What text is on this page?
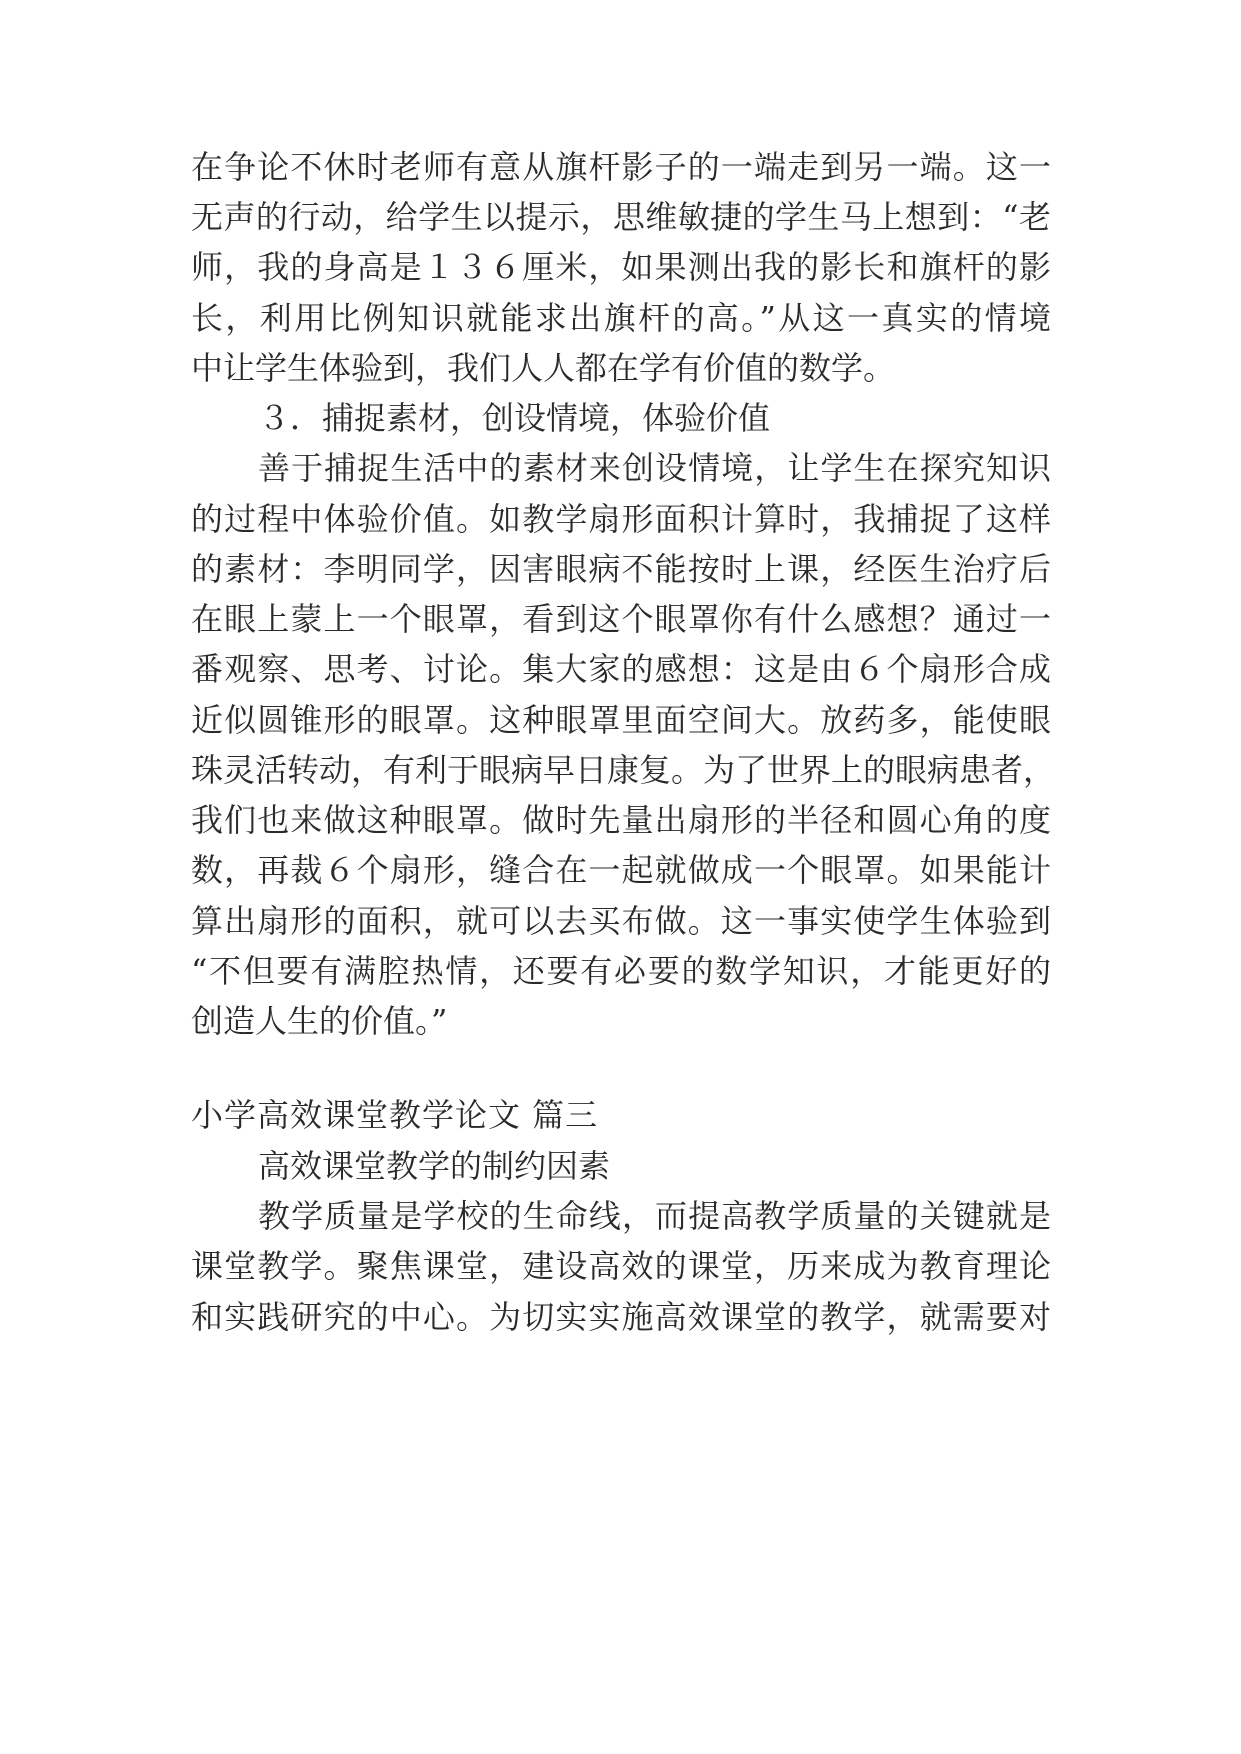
在争论不休时老师有意从旗杆影子的一端走到另一端。这一
无声的行动，给学生以提示，思维敏捷的学生马上想到：“老
师，我的身高是１３６厘米，如果测出我的影长和旗杆的影
长，利用比例知识就能求出旗杆的高。”从这一真实的情境
中让学生体验到，我们人人都在学有价值的数学。
３．捕捉素材，创设情境，体验价值
善于捕捉生活中的素材来创设情境，让学生在探究知识
的过程中体验价值。如教学扇形面积计算时，我捕捉了这样
的素材：李明同学，因害眼病不能按时上课，经医生治疗后
在眼上蒙上一个眼罩，看到这个眼罩你有什么感想？通过一
番观察、思考、讨论。集大家的感想：这是由６个扇形合成
近似圆锥形的眼罩。这种眼罩里面空间大。放药多，能使眼
珠灵活转动，有利于眼病早日康复。为了世界上的眼病患者，
我们也来做这种眼罩。做时先量出扇形的半径和圆心角的度
数，再裁６个扇形，缝合在一起就做成一个眼罩。如果能计
算出扇形的面积，就可以去买布做。这一事实使学生体验到
“不但要有满腔热情，还要有必要的数学知识，才能更好的
创造人生的价值。”
小学高效课堂教学论文 篇三
高效课堂教学的制约因素
教学质量是学校的生命线，而提高教学质量的关键就是
课堂教学。聚焦课堂，建设高效的课堂，历来成为教育理论
和实践研究的中心。为切实实施高效课堂的教学，就需要对
